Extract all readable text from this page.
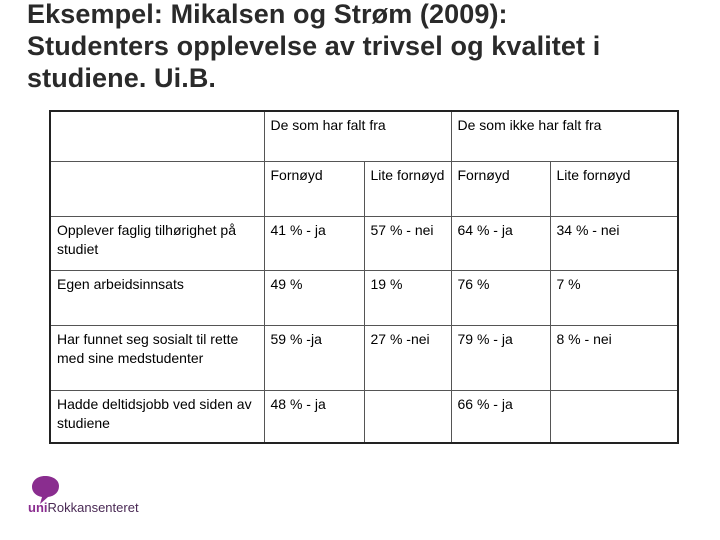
Eksempel: Mikalsen og Strøm (2009):
Studenters opplevelse av trivsel og kvalitet i
studiene. Ui.B.
	De som har falt fra		De som ikke har falt fra	
	Fornøyd	Lite fornøyd	Fornøyd	Lite fornøyd
Opplever faglig tilhørighet på studiet	41 % - ja	57 % - nei	64 % - ja	34 % - nei
Egen arbeidsinnsats	49 %	19 %	76 %	7 %
Har funnet seg sosialt til rette med sine medstudenter	59 % -ja	27 % -nei	79 % - ja	8 % - nei
Hadde deltidsjobb ved siden av studiene	48 % - ja		66 % - ja	
uniRokkansenteret
